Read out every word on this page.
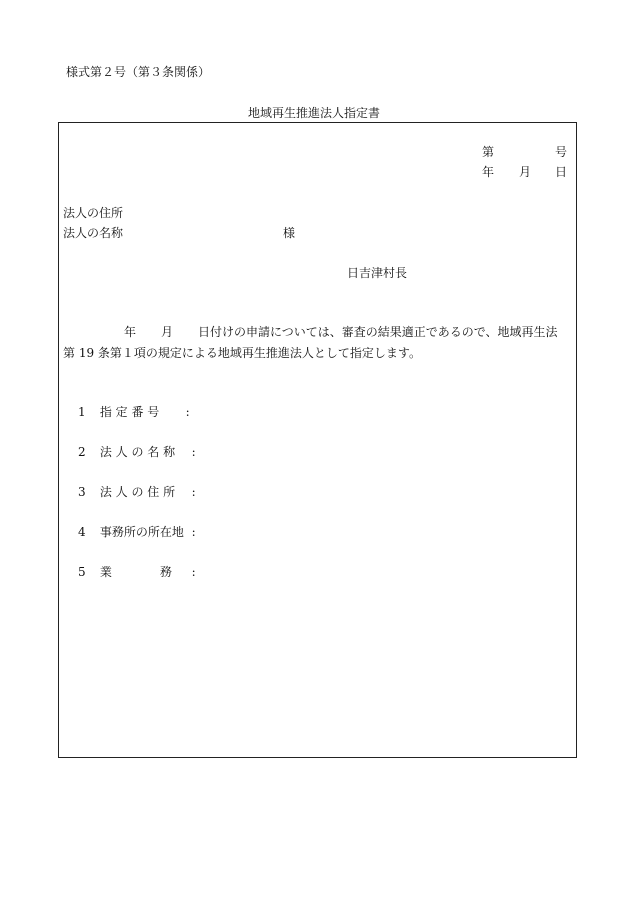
様式第２号（第３条関係）
地域再生推進法人指定書
第	号
年 月 日
法人の住所
法人の名称	様
日吉津村長
年 月 日付けの申請については、審査の結果適正であるので、地域再生法
第 19 条第１項の規定による地域再生推進法人として指定します。
1 指 定 番 号 :
2 法 人 の 名 称 :
3 法 人 の 住 所 :
4 事務所の所在地 :
5 業　　　　務 :
